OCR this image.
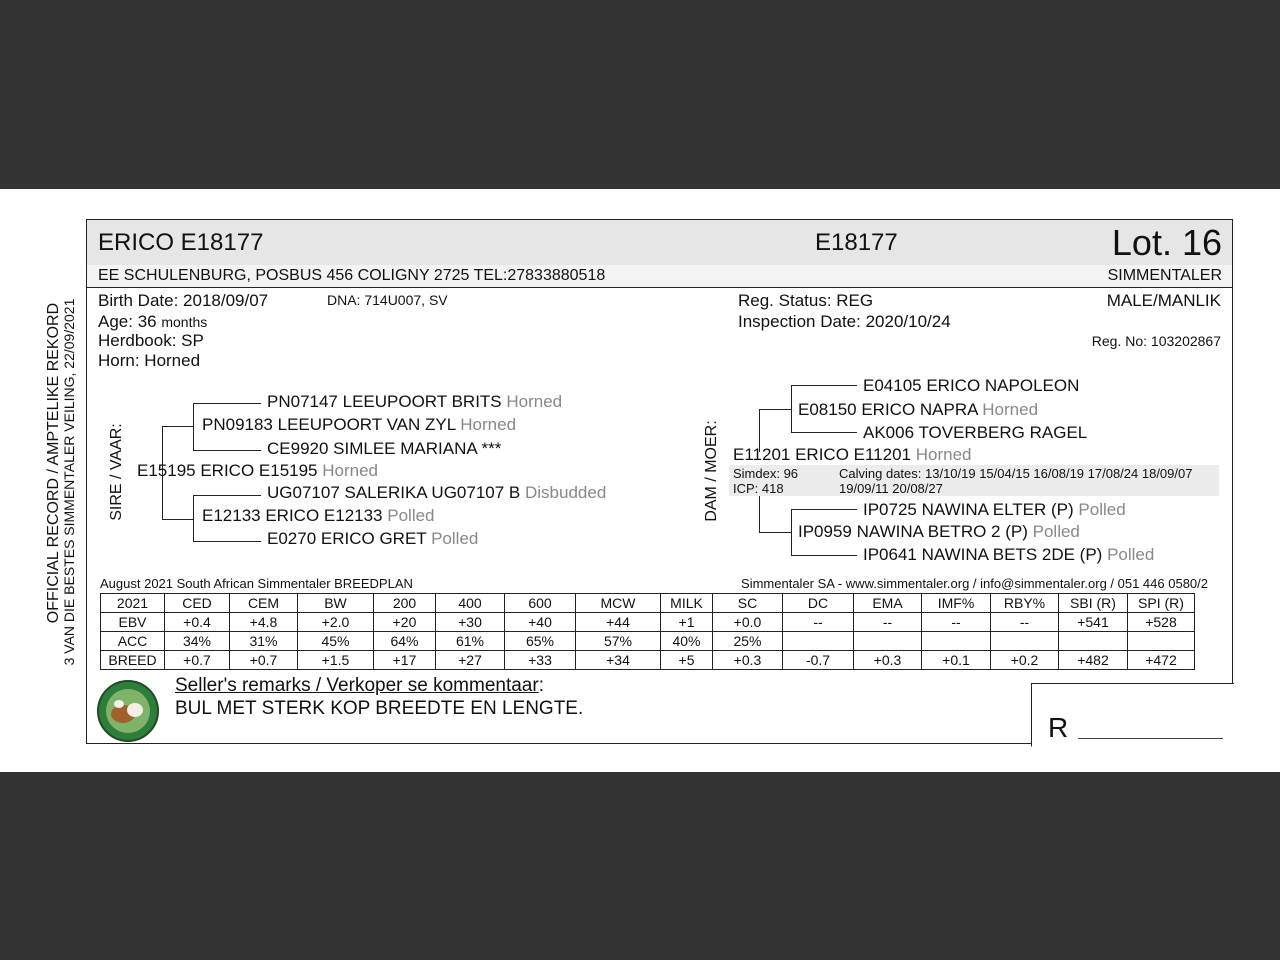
OFFICIAL RECORD / AMPTELIKE REKORD 3 VAN DIE BESTES SIMMENTALER VEILING, 22/09/2021
ERICO E18177	E18177	Lot. 16
EE SCHULENBURG, POSBUS 456 COLIGNY 2725 TEL:27833880518	SIMMENTALER
Birth Date: 2018/09/07	DNA: 714U007, SV
Age: 36 months
Herdbook: SP
Horn: Horned
Reg. Status: REG
Inspection Date: 2020/10/24
MALE/MANLIK
Reg. No: 103202867
SIRE / VAAR:
PN07147 LEEUPOORT BRITS Horned
PN09183 LEEUPOORT VAN ZYL Horned
CE9920 SIMLEE MARIANA ***
E15195 ERICO E15195 Horned
UG07107 SALERIKA UG07107 B Disbudded
E12133 ERICO E12133 Polled
E0270 ERICO GRET Polled
DAM / MOER:
E04105 ERICO NAPOLEON
E08150 ERICO NAPRA Horned
AK006 TOVERBERG RAGEL
E11201 ERICO E11201 Horned
Simdex: 96
ICP: 418
Calving dates: 13/10/19 15/04/15 16/08/19 17/08/24 18/09/07
19/09/11 20/08/27
IP0725 NAWINA ELTER (P) Polled
IP0959 NAWINA BETRO 2 (P) Polled
IP0641 NAWINA BETS 2DE (P) Polled
August 2021 South African Simmentaler BREEDPLAN	Simmentaler SA - www.simmentaler.org / info@simmentaler.org / 051 446 0580/2
2021	CED	CEM	BW	200	400	600	MCW	MILK	SC	DC	EMA	IMF%	RBY%	SBI (R)	SPI (R)
EBV	+0.4	+4.8	+2.0	+20	+30	+40	+44	+1	+0.0	--	--	--	--	+541	+528
ACC	34%	31%	45%	64%	61%	65%	57%	40%	25%						
BREED	+0.7	+0.7	+1.5	+17	+27	+33	+34	+5	+0.3	-0.7	+0.3	+0.1	+0.2	+482	+472
Seller's remarks / Verkoper se kommentaar:
BUL MET STERK KOP BREEDTE EN LENGTE.
R
